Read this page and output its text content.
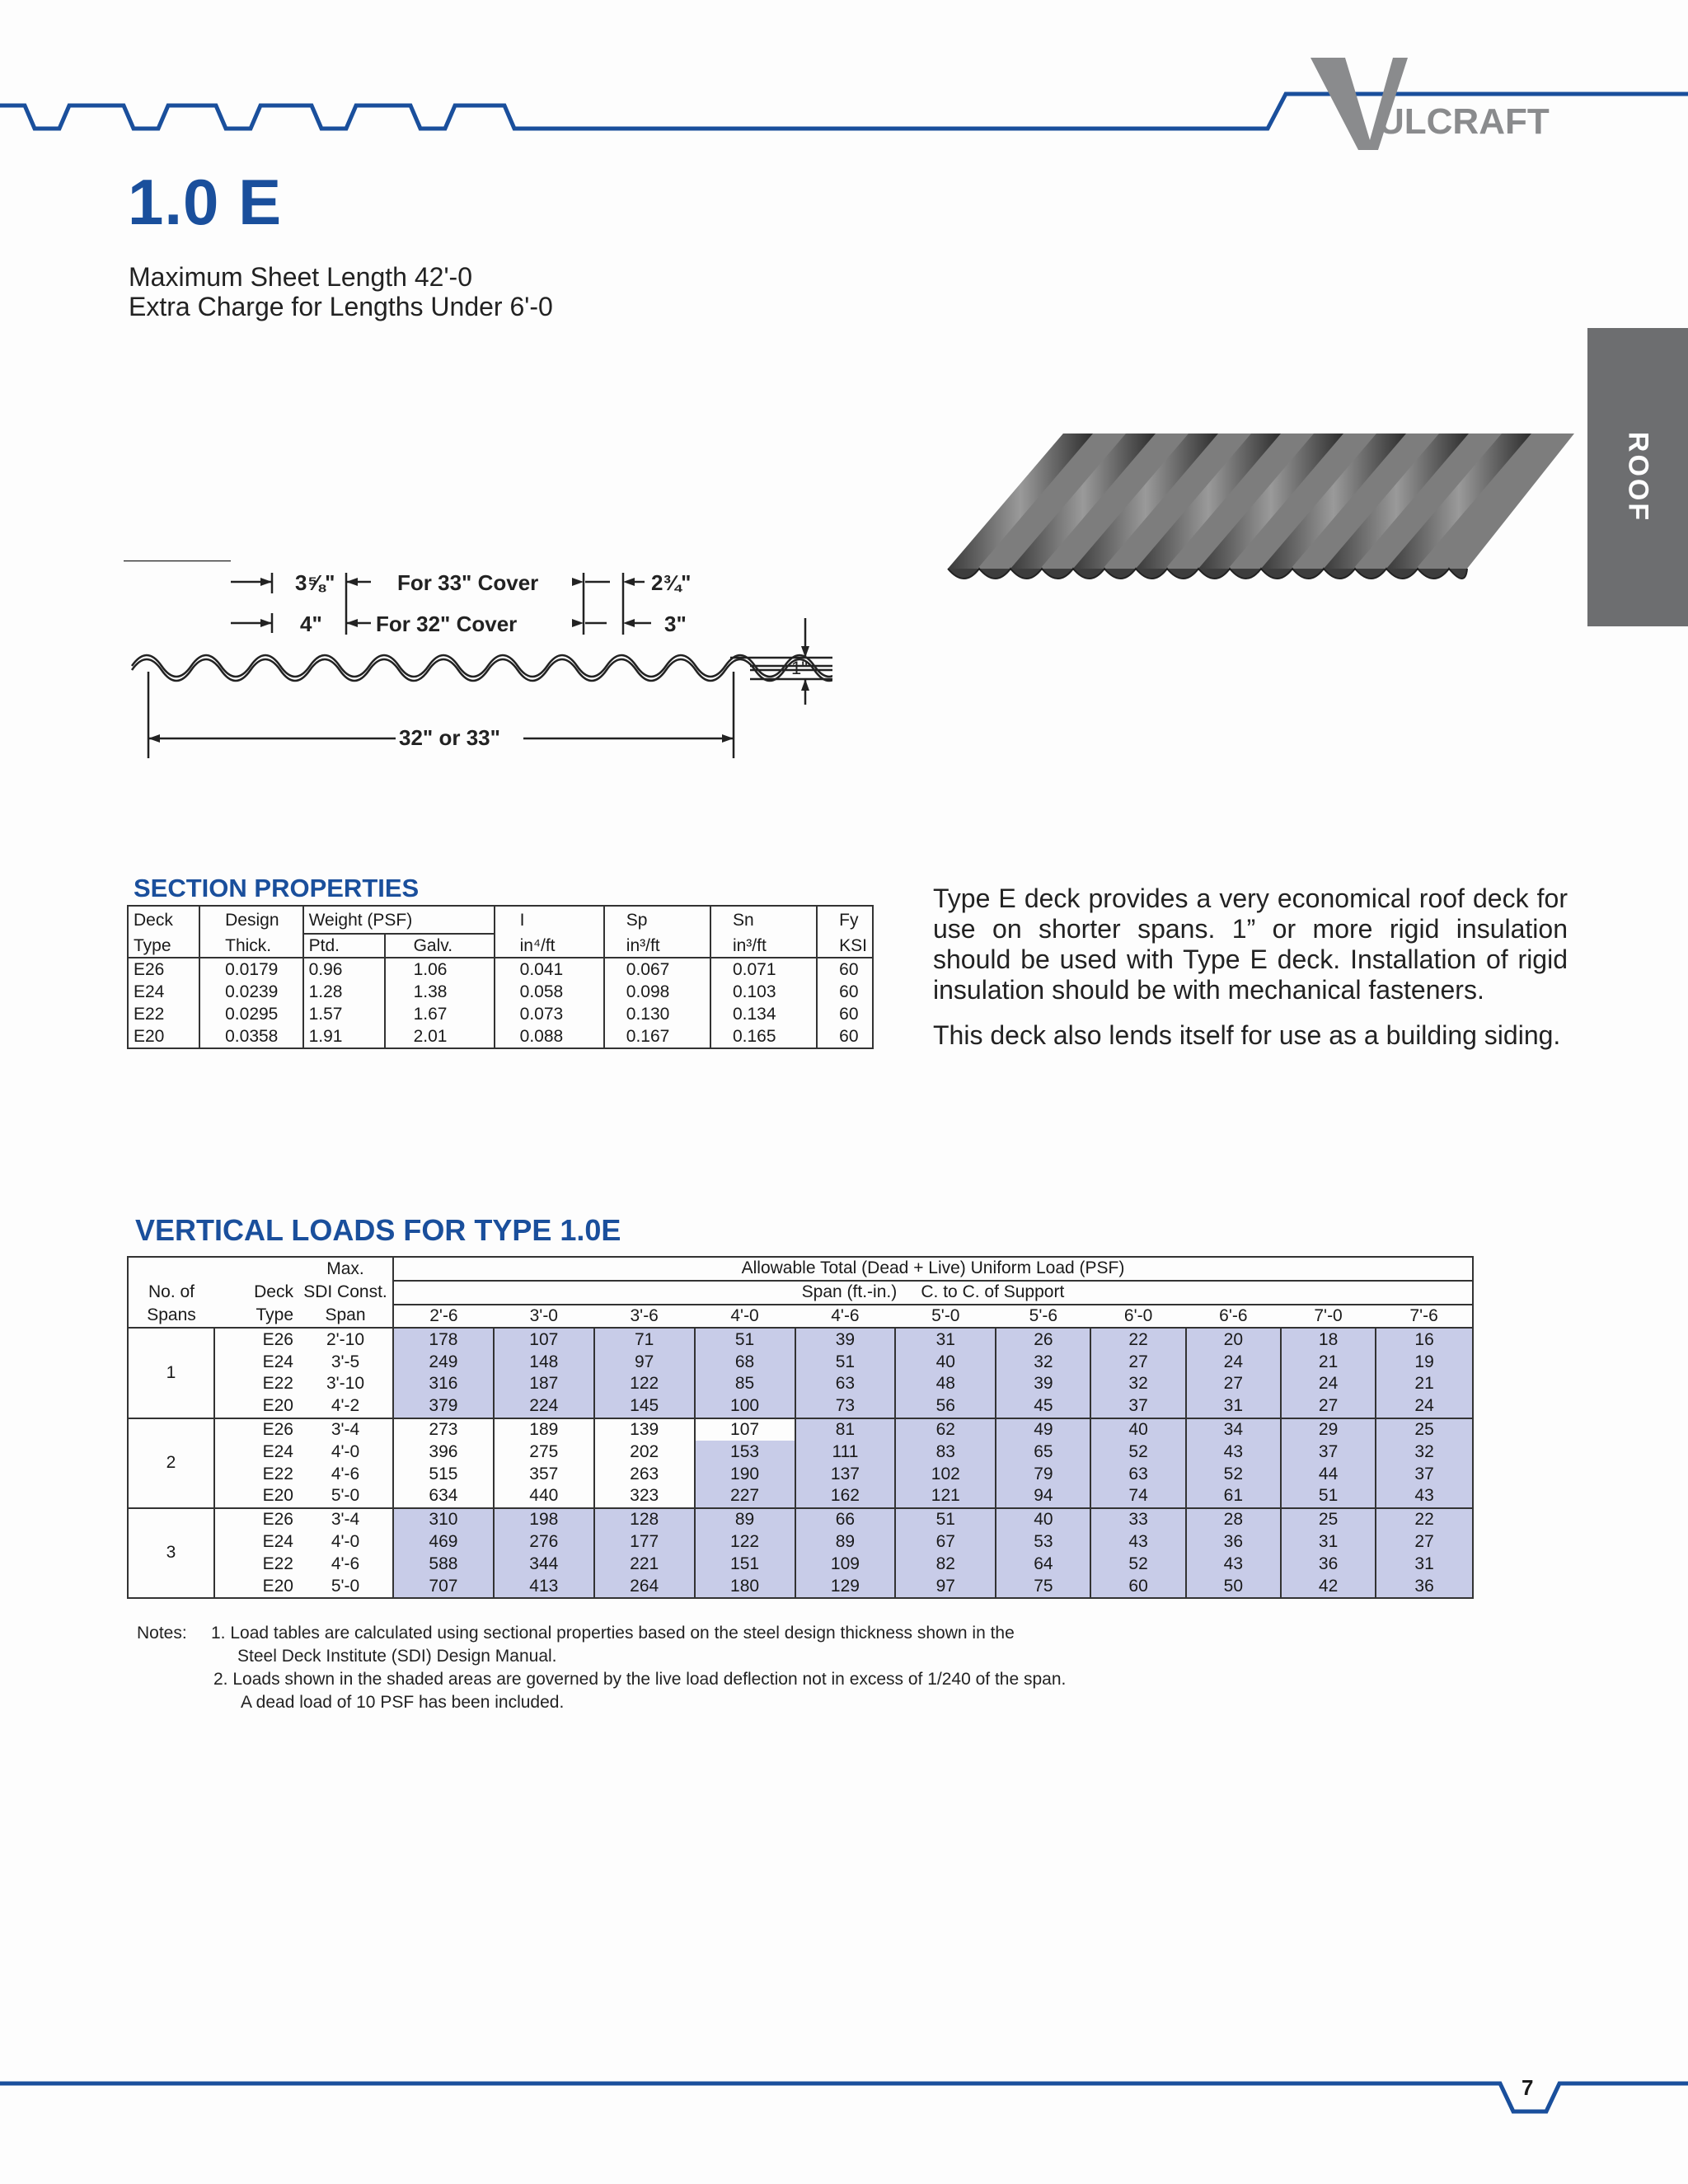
ULCRAFT
1.0 E
Maximum Sheet Length 42'-0
Extra Charge for Lengths Under 6'-0
ROOF
3⅝"	For 33" Cover	2¾"
4"	For 32" Cover	3"
1"
32" or 33"
SECTION PROPERTIES
Deck	Design	Weight (PSF)		I	Sp	Sn	Fy
Type	Thick.	Ptd.	Galv.	in⁴/ft	in³/ft	in³/ft	KSI
E26	0.0179	0.96	1.06	0.041	0.067	0.071	60
E24	0.0239	1.28	1.38	0.058	0.098	0.103	60
E22	0.0295	1.57	1.67	0.073	0.130	0.134	60
E20	0.0358	1.91	2.01	0.088	0.167	0.165	60

Type E deck provides a very economical roof deck for use on shorter spans. 1” or more rigid insulation should be used with Type E deck. Installation of rigid insulation should be with mechanical fasteners.

This deck also lends itself for use as a building siding.

VERTICAL LOADS FOR TYPE 1.0E
		Max.	Allowable Total (Dead + Live) Uniform Load (PSF)										
No. of	Deck	SDI Const.	Span (ft.-in.)     C. to C. of Support										
Spans	Type	Span	2'-6	3'-0	3'-6	4'-0	4'-6	5'-0	5'-6	6'-0	6'-6	7'-0	7'-6
1	E26	2'-10	178	107	71	51	39	31	26	22	20	18	16
	E24	3'-5	249	148	97	68	51	40	32	27	24	21	19
	E22	3'-10	316	187	122	85	63	48	39	32	27	24	21
	E20	4'-2	379	224	145	100	73	56	45	37	31	27	24
2	E26	3'-4	273	189	139	107	81	62	49	40	34	29	25
	E24	4'-0	396	275	202	153	111	83	65	52	43	37	32
	E22	4'-6	515	357	263	190	137	102	79	63	52	44	37
	E20	5'-0	634	440	323	227	162	121	94	74	61	51	43
3	E26	3'-4	310	198	128	89	66	51	40	33	28	25	22
	E24	4'-0	469	276	177	122	89	67	53	43	36	31	27
	E22	4'-6	588	344	221	151	109	82	64	52	43	36	31
	E20	5'-0	707	413	264	180	129	97	75	60	50	42	36
Notes: 1. Load tables are calculated using sectional properties based on the steel design thickness shown in the
Steel Deck Institute (SDI) Design Manual.
2. Loads shown in the shaded areas are governed by the live load deflection not in excess of 1/240 of the span.
A dead load of 10 PSF has been included.
7
